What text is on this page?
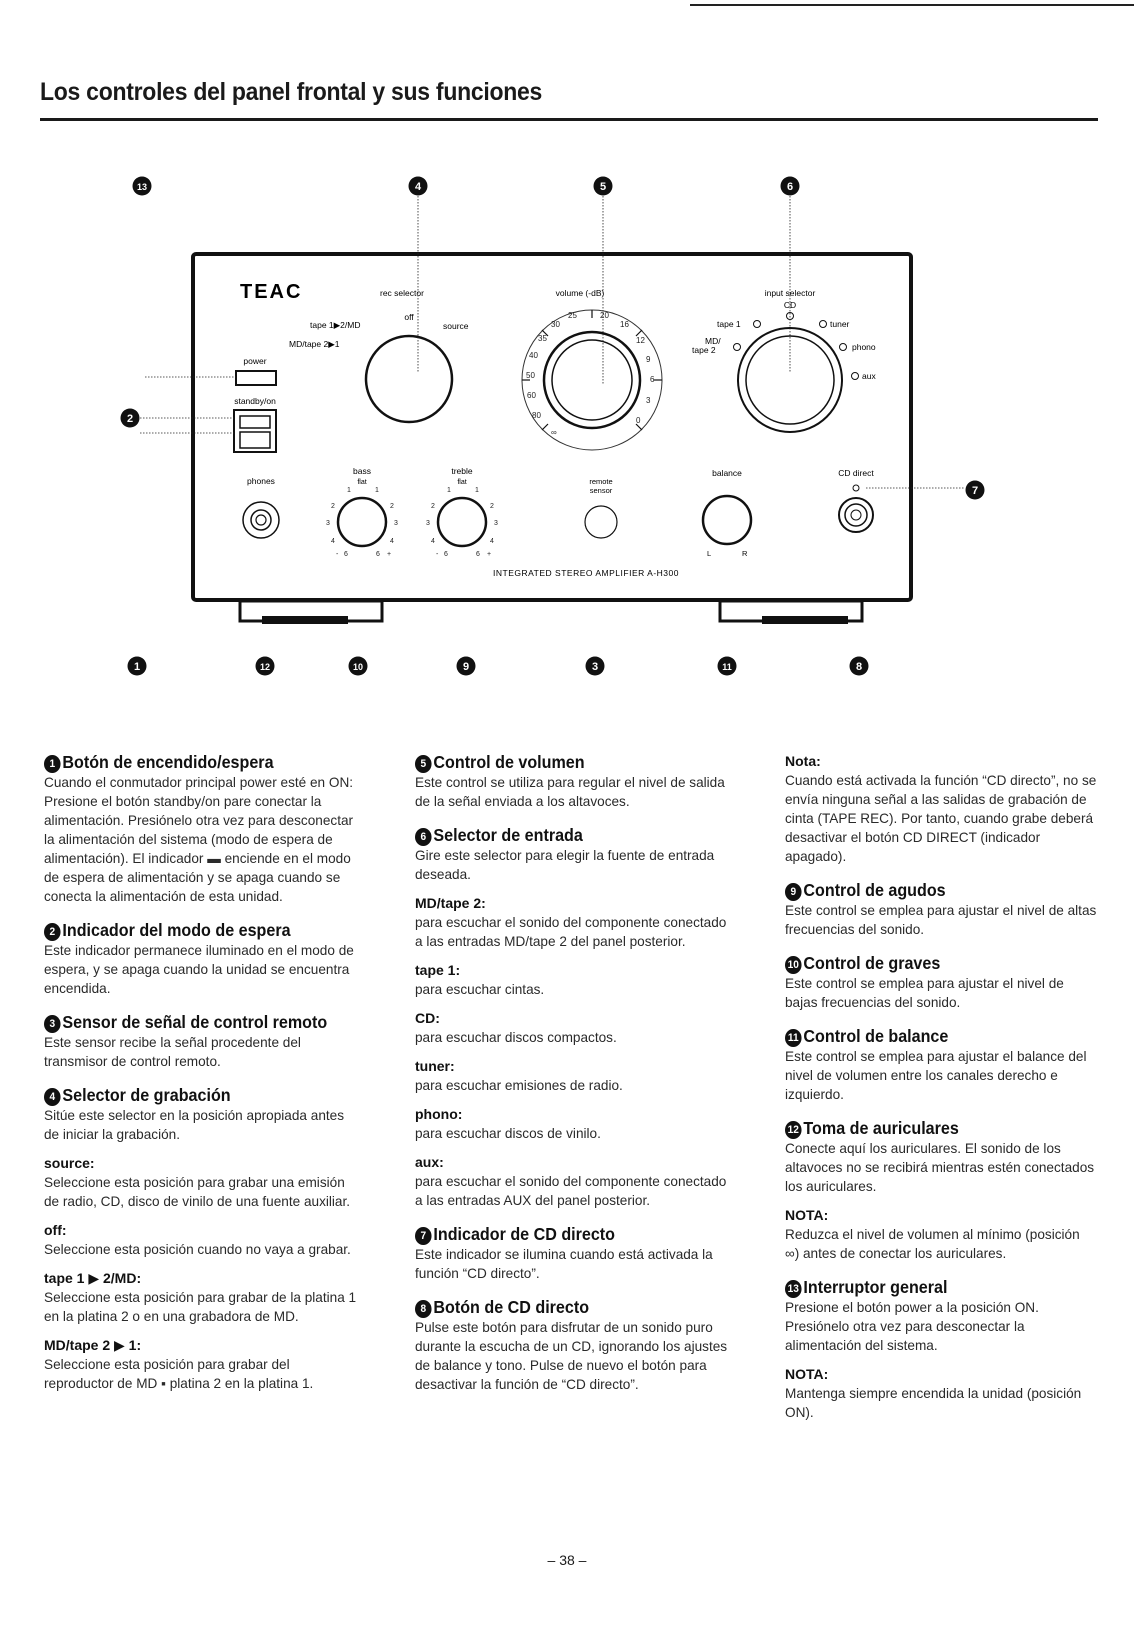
Los controles del panel frontal y sus funciones
TEAC	rec selector
tape 1▶2/MD
off
source
MD/tape 2▶1
volume (-dB)
∞
80
60
50
40
35
30
25	20
16
12
9
6
3
0
input selector
CD
tape 1	tuner
MD/
tape 2	phono
aux
power
standby/on
phones
bass
flat
1	1
2	2
3	3
4	4
- 6	6 +
treble
flat
1	1
2	2
3	3
4	4
- 6	6 +
remote
sensor
balance
L	R
CD direct
INTEGRATED STEREO AMPLIFIER A-H300
13	4	5	6
2
7
1	12	10	9	3	11	8
1 Botón de encendido/espera

Cuando el conmutador principal power esté en ON: Presione el botón standby/on pare conectar la alimentación. Presiónelo otra vez para desconectar la alimentación del sistema (modo de espera de alimentación). El indicador ▬ enciende en el modo de espera de alimentación y se apaga cuando se conecta la alimentación de esta unidad.

2 Indicador del modo de espera

Este indicador permanece iluminado en el modo de espera, y se apaga cuando la unidad se encuentra encendida.

3 Sensor de señal de control remoto

Este sensor recibe la señal procedente del transmisor de control remoto.

4 Selector de grabación

Sitúe este selector en la posición apropiada antes de iniciar la grabación.

source:

Seleccione esta posición para grabar una emisión de radio, CD, disco de vinilo de una fuente auxiliar.

off:

Seleccione esta posición cuando no vaya a grabar.

tape 1 ▶ 2/MD:

Seleccione esta posición para grabar de la platina 1 en la platina 2 o en una grabadora de MD.

MD/tape 2 ▶ 1:

Seleccione esta posición para grabar del reproductor de MD ▪ platina 2 en la platina 1.

5 Control de volumen

Este control se utiliza para regular el nivel de salida de la señal enviada a los altavoces.

6 Selector de entrada

Gire este selector para elegir la fuente de entrada deseada.

MD/tape 2:

para escuchar el sonido del componente conectado a las entradas MD/tape 2 del panel posterior.

tape 1:

para escuchar cintas.

CD:

para escuchar discos compactos.

tuner:

para escuchar emisiones de radio.

phono:

para escuchar discos de vinilo.

aux:

para escuchar el sonido del componente conectado a las entradas AUX del panel posterior.

7 Indicador de CD directo

Este indicador se ilumina cuando está activada la función “CD directo”.

8 Botón de CD directo

Pulse este botón para disfrutar de un sonido puro durante la escucha de un CD, ignorando los ajustes de balance y tono. Pulse de nuevo el botón para desactivar la función de “CD directo”.

Nota:

Cuando está activada la función “CD directo”, no se envía ninguna señal a las salidas de grabación de cinta (TAPE REC). Por tanto, cuando grabe deberá desactivar el botón CD DIRECT (indicador apagado).

9 Control de agudos

Este control se emplea para ajustar el nivel de altas frecuencias del sonido.

10 Control de graves

Este control se emplea para ajustar el nivel de bajas frecuencias del sonido.

11 Control de balance

Este control se emplea para ajustar el balance del nivel de volumen entre los canales derecho e izquierdo.

12 Toma de auriculares

Conecte aquí los auriculares. El sonido de los altavoces no se recibirá mientras estén conectados los auriculares.

NOTA:

Reduzca el nivel de volumen al mínimo (posición ∞) antes de conectar los auriculares.

13 Interruptor general

Presione el botón power a la posición ON. Presiónelo otra vez para desconectar la alimentación del sistema.

NOTA:

Mantenga siempre encendida la unidad (posición ON).

– 38 –
